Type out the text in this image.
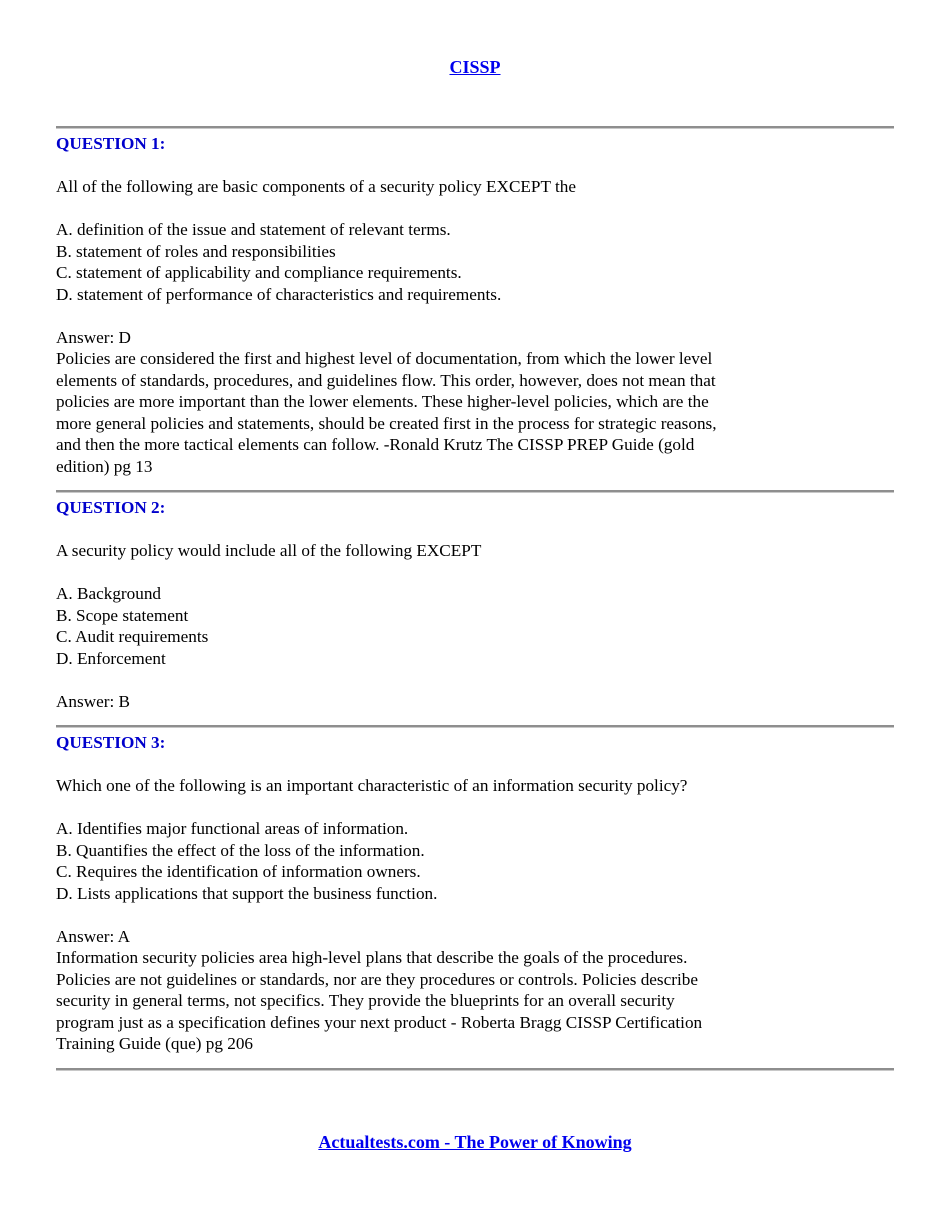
CISSP

QUESTION 1:

All of the following are basic components of a security policy EXCEPT the

A. definition of the issue and statement of relevant terms.

B. statement of roles and responsibilities

C. statement of applicability and compliance requirements.

D. statement of performance of characteristics and requirements.

Answer: D

Policies are considered the first and highest level of documentation, from which the lower level
elements of standards, procedures, and guidelines flow. This order, however, does not mean that
policies are more important than the lower elements. These higher-level policies, which are the
more general policies and statements, should be created first in the process for strategic reasons,
and then the more tactical elements can follow. -Ronald Krutz The CISSP PREP Guide (gold
edition) pg 13

QUESTION 2:

A security policy would include all of the following EXCEPT

A. Background

B. Scope statement

C. Audit requirements

D. Enforcement

Answer: B

QUESTION 3:

Which one of the following is an important characteristic of an information security policy?

A. Identifies major functional areas of information.

B. Quantifies the effect of the loss of the information.

C. Requires the identification of information owners.

D. Lists applications that support the business function.

Answer: A

Information security policies area high-level plans that describe the goals of the procedures.
Policies are not guidelines or standards, nor are they procedures or controls. Policies describe
security in general terms, not specifics. They provide the blueprints for an overall security
program just as a specification defines your next product - Roberta Bragg CISSP Certification
Training Guide (que) pg 206
Actualtests.com - The Power of Knowing
